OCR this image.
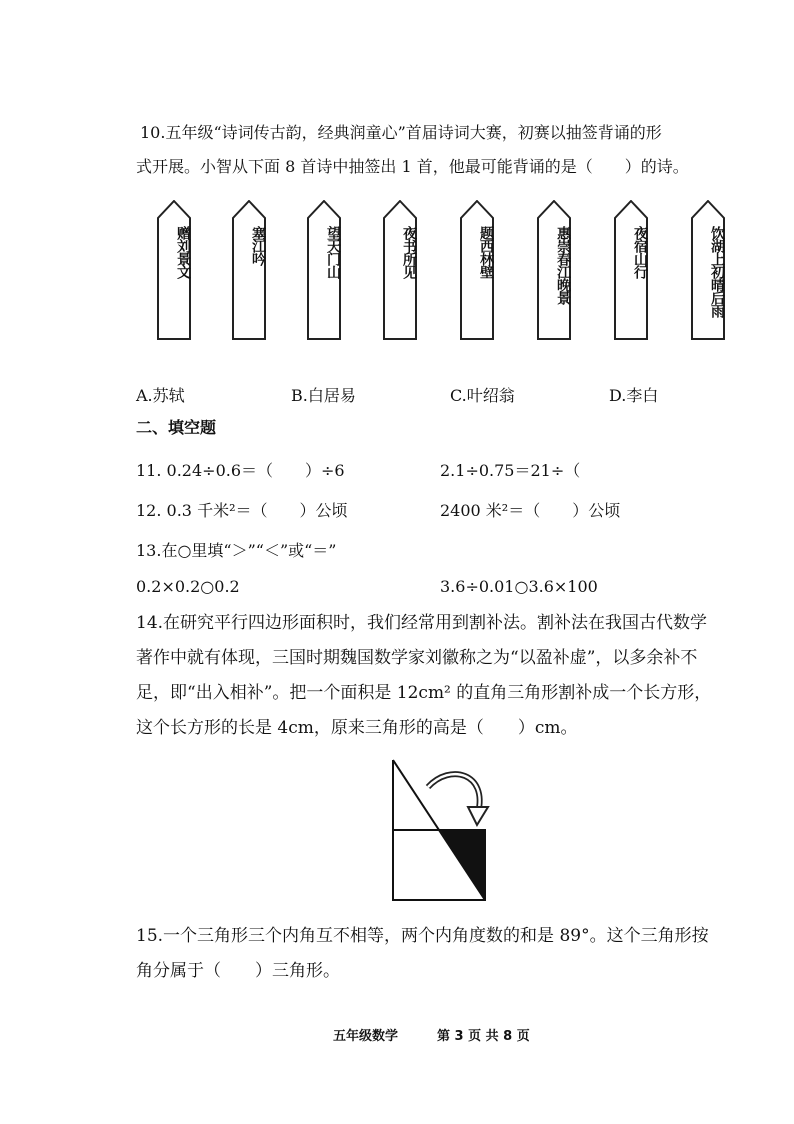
10.五年级“诗词传古韵，经典润童心”首届诗词大赛，初赛以抽签背诵的形
式开展。小智从下面 8 首诗中抽签出 1 首，他最可能背诵的是（　　）的诗。
赠刘景文	塞江吟	望天门山	夜书所见	题西林壁	惠崇春江晚景	夜宿山行	饮湖上初晴后雨
A.苏轼	B.白居易	C.叶绍翁	D.李白
二、填空题
11. 0.24÷0.6＝（　　）÷6	2.1÷0.75＝21÷（
12. 0.3 千米²＝（　　）公顷	2400 米²＝（　　）公顷
13.在○里填“＞”“＜”或“＝”
0.2×0.2○0.2	3.6÷0.01○3.6×100
14.在研究平行四边形面积时，我们经常用到割补法。割补法在我国古代数学
著作中就有体现，三国时期魏国数学家刘徽称之为“以盈补虚”，以多余补不
足，即“出入相补”。把一个面积是 12cm² 的直角三角形割补成一个长方形，
这个长方形的长是 4cm，原来三角形的高是（　　）cm。
15.一个三角形三个内角互不相等，两个内角度数的和是 89°。这个三角形按
角分属于（　　）三角形。
五年级数学	第 3 页 共 8 页
